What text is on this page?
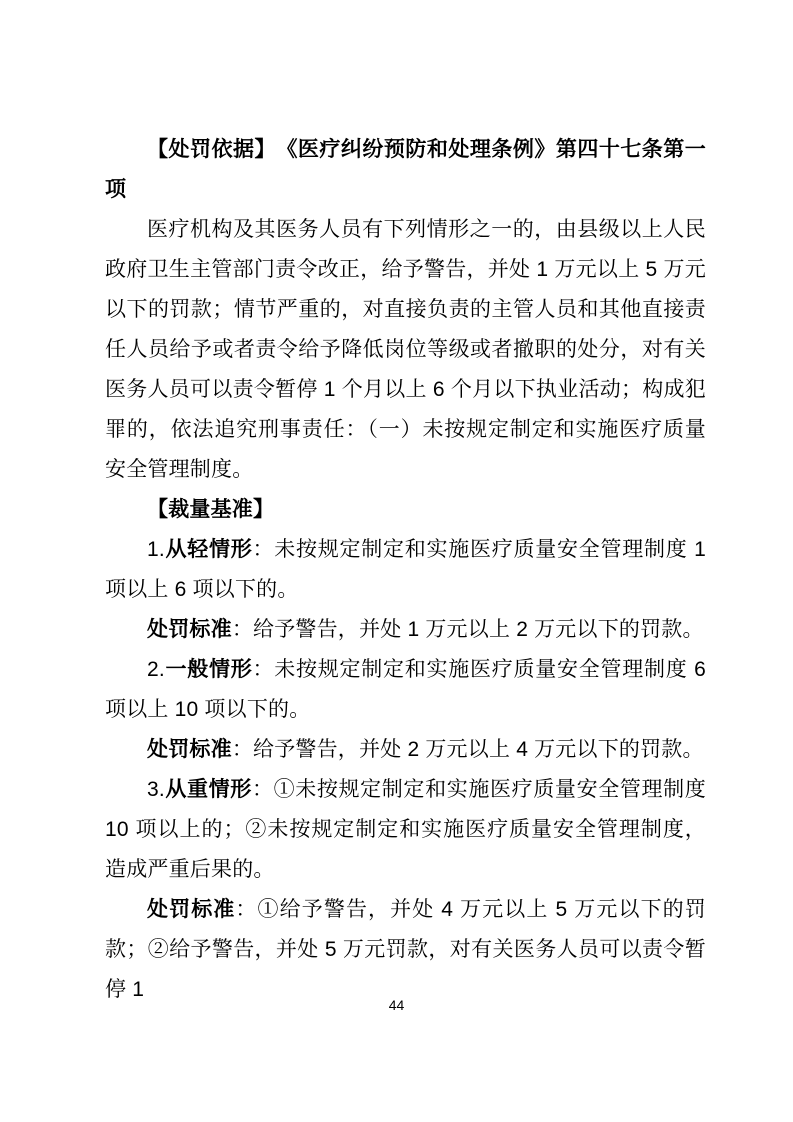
【处罚依据】　《医疗纠纷预防和处理条例》第四十七条第一项

医疗机构及其医务人员有下列情形之一的，由县级以上人民政府卫生主管部门责令改正，给予警告，并处 1 万元以上 5 万元以下的罚款；情节严重的，对直接负责的主管人员和其他直接责任人员给予或者责令给予降低岗位等级或者撤职的处分，对有关医务人员可以责令暂停 1 个月以上 6 个月以下执业活动；构成犯罪的，依法追究刑事责任：（一）未按规定制定和实施医疗质量安全管理制度。

【裁量基准】

1.从轻情形：未按规定制定和实施医疗质量安全管理制度 1 项以上 6 项以下的。

处罚标准：给予警告，并处 1 万元以上 2 万元以下的罚款。

2.一般情形：未按规定制定和实施医疗质量安全管理制度 6 项以上 10 项以下的。

处罚标准：给予警告，并处 2 万元以上 4 万元以下的罚款。

3.从重情形：①未按规定制定和实施医疗质量安全管理制度 10 项以上的；②未按规定制定和实施医疗质量安全管理制度，造成严重后果的。

处罚标准：①给予警告，并处 4 万元以上 5 万元以下的罚款；②给予警告，并处 5 万元罚款，对有关医务人员可以责令暂停 1

44
